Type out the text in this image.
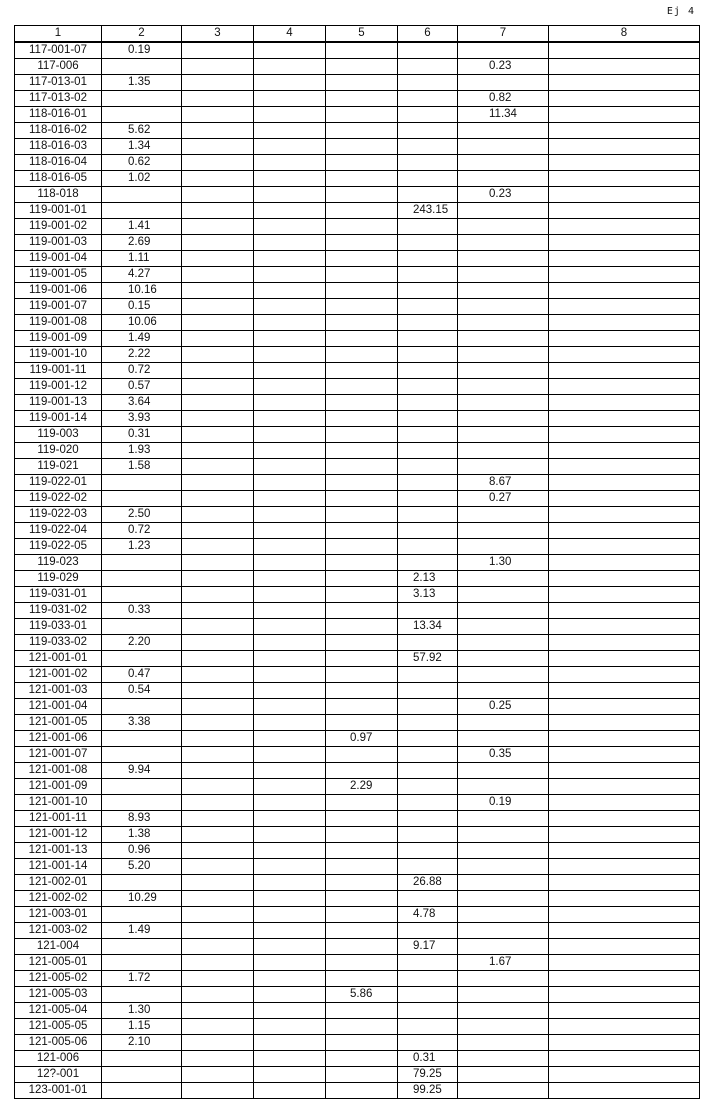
Ej 4
1	2	3	4	5	6	7	8
117-001-07	0.19						
117-006						0.23	
117-013-01	1.35						
117-013-02						0.82	
118-016-01						11.34	
118-016-02	5.62						
118-016-03	1.34						
118-016-04	0.62						
118-016-05	1.02						
118-018						0.23	
119-001-01					243.15		
119-001-02	1.41						
119-001-03	2.69						
119-001-04	1.11						
119-001-05	4.27						
119-001-06	10.16						
119-001-07	0.15						
119-001-08	10.06						
119-001-09	1.49						
119-001-10	2.22						
119-001-11	0.72						
119-001-12	0.57						
119-001-13	3.64						
119-001-14	3.93						
119-003	0.31						
119-020	1.93						
119-021	1.58						
119-022-01						8.67	
119-022-02						0.27	
119-022-03	2.50						
119-022-04	0.72						
119-022-05	1.23						
119-023						1.30	
119-029					2.13		
119-031-01					3.13		
119-031-02	0.33						
119-033-01					13.34		
119-033-02	2.20						
121-001-01					57.92		
121-001-02	0.47						
121-001-03	0.54						
121-001-04						0.25	
121-001-05	3.38						
121-001-06				0.97			
121-001-07						0.35	
121-001-08	9.94						
121-001-09				2.29			
121-001-10						0.19	
121-001-11	8.93						
121-001-12	1.38						
121-001-13	0.96						
121-001-14	5.20						
121-002-01					26.88		
121-002-02	10.29						
121-003-01					4.78		
121-003-02	1.49						
121-004					9.17		
121-005-01						1.67	
121-005-02	1.72						
121-005-03				5.86			
121-005-04	1.30						
121-005-05	1.15						
121-005-06	2.10						
121-006					0.31		
12?-001					79.25		
123-001-01					99.25		
